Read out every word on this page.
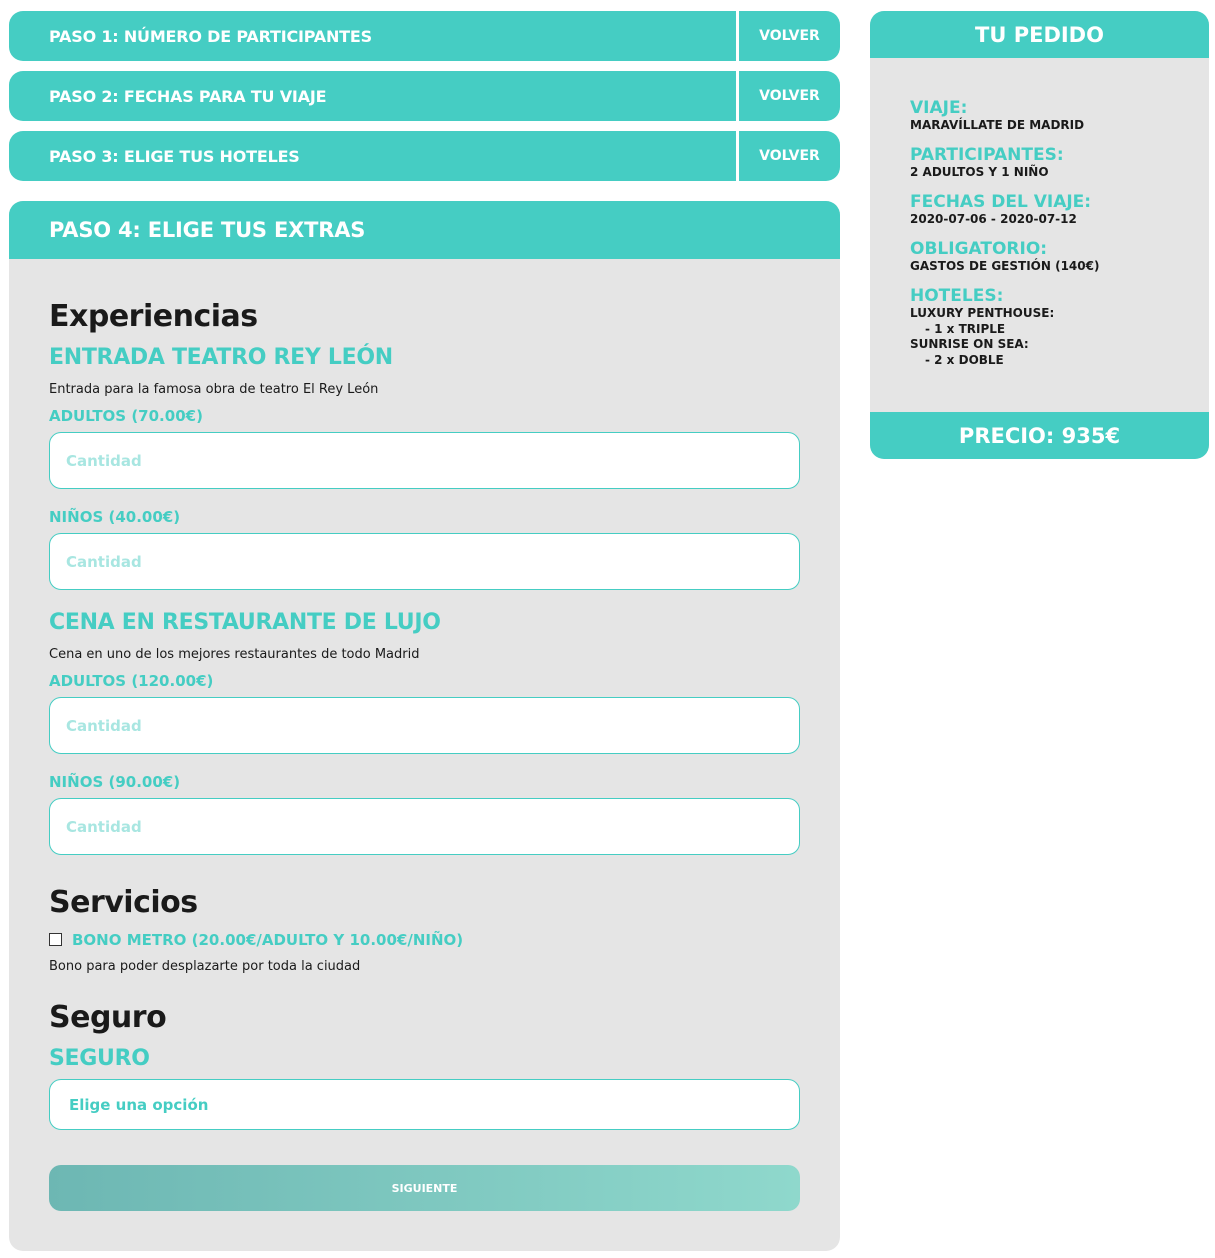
PASO 1: NÚMERO DE PARTICIPANTES	VOLVER
PASO 2: FECHAS PARA TU VIAJE	VOLVER
PASO 3: ELIGE TUS HOTELES	VOLVER
PASO 4: ELIGE TUS EXTRAS
Experiencias
ENTRADA TEATRO REY LEÓN
Entrada para la famosa obra de teatro El Rey León
ADULTOS (70.00€)
Cantidad
NIÑOS (40.00€)
Cantidad
CENA EN RESTAURANTE DE LUJO
Cena en uno de los mejores restaurantes de todo Madrid
ADULTOS (120.00€)
Cantidad
NIÑOS (90.00€)
Cantidad
Servicios
BONO METRO (20.00€/ADULTO Y 10.00€/NIÑO)
Bono para poder desplazarte por toda la ciudad
Seguro
SEGURO
Elige una opción
SIGUIENTE
TU PEDIDO
VIAJE:
MARAVÍLLATE DE MADRID
PARTICIPANTES:
2 ADULTOS Y 1 NIÑO
FECHAS DEL VIAJE:
2020-07-06 - 2020-07-12
OBLIGATORIO:
GASTOS DE GESTIÓN (140€)
HOTELES:
LUXURY PENTHOUSE:
- 1 x TRIPLE
SUNRISE ON SEA:
- 2 x DOBLE
PRECIO: 935€
